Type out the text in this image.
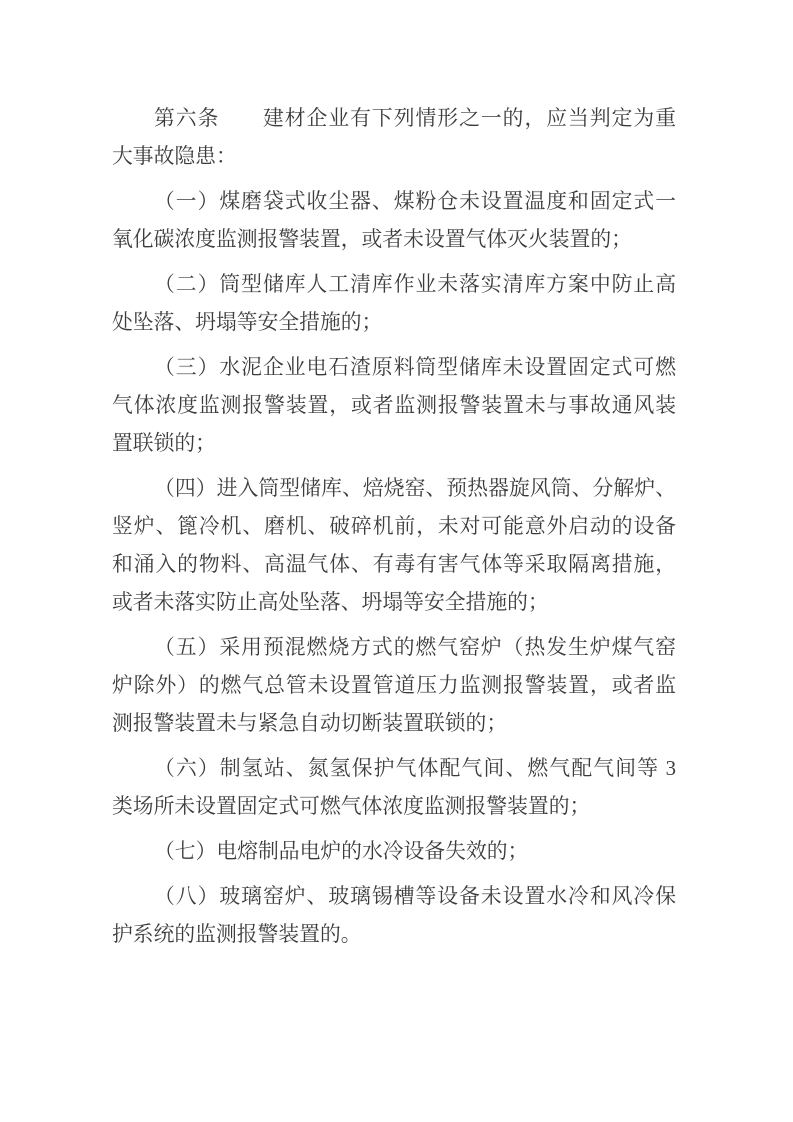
第六条　　建材企业有下列情形之一的，应当判定为重
大事故隐患：

（一）煤磨袋式收尘器、煤粉仓未设置温度和固定式一
氧化碳浓度监测报警装置，或者未设置气体灭火装置的；

（二）筒型储库人工清库作业未落实清库方案中防止高
处坠落、坍塌等安全措施的；

（三）水泥企业电石渣原料筒型储库未设置固定式可燃
气体浓度监测报警装置，或者监测报警装置未与事故通风装
置联锁的；

（四）进入筒型储库、焙烧窑、预热器旋风筒、分解炉、
竖炉、篦冷机、磨机、破碎机前，未对可能意外启动的设备
和涌入的物料、高温气体、有毒有害气体等采取隔离措施，
或者未落实防止高处坠落、坍塌等安全措施的；

（五）采用预混燃烧方式的燃气窑炉（热发生炉煤气窑
炉除外）的燃气总管未设置管道压力监测报警装置，或者监
测报警装置未与紧急自动切断装置联锁的；

（六）制氢站、氮氢保护气体配气间、燃气配气间等 3
类场所未设置固定式可燃气体浓度监测报警装置的；

（七）电熔制品电炉的水冷设备失效的；

（八）玻璃窑炉、玻璃锡槽等设备未设置水冷和风冷保
护系统的监测报警装置的。
